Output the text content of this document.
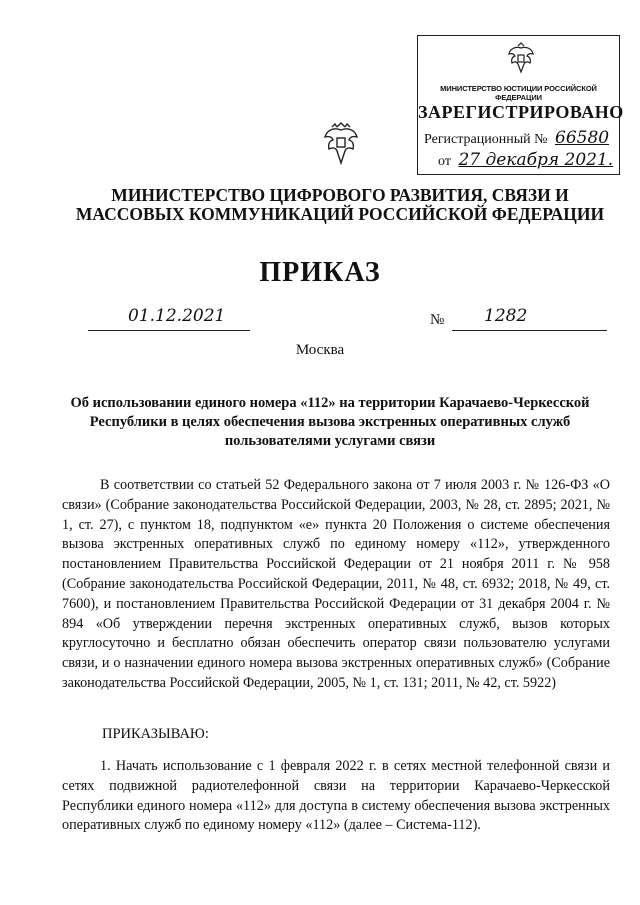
МИНИСТЕРСТВО ЮСТИЦИИ РОССИЙСКОЙ ФЕДЕРАЦИИ
ЗАРЕГИСТРИРОВАНО
Регистрационный № 66580
от 27 декабря 2021.
МИНИСТЕРСТВО ЦИФРОВОГО РАЗВИТИЯ, СВЯЗИ И МАССОВЫХ КОММУНИКАЦИЙ РОССИЙСКОЙ ФЕДЕРАЦИИ
ПРИКАЗ
01.12.2021	№ 1282
Москва
Об использовании единого номера «112» на территории Карачаево-Черкесской Республики в целях обеспечения вызова экстренных оперативных служб пользователями услугами связи
В соответствии со статьей 52 Федерального закона от 7 июля 2003 г. № 126-ФЗ «О связи» (Собрание законодательства Российской Федерации, 2003, № 28, ст. 2895; 2021, № 1, ст. 27), с пунктом 18, подпунктом «е» пункта 20 Положения о системе обеспечения вызова экстренных оперативных служб по единому номеру «112», утвержденного постановлением Правительства Российской Федерации от 21 ноября 2011 г. № 958 (Собрание законодательства Российской Федерации, 2011, № 48, ст. 6932; 2018, № 49, ст. 7600), и постановлением Правительства Российской Федерации от 31 декабря 2004 г. № 894 «Об утверждении перечня экстренных оперативных служб, вызов которых круглосуточно и бесплатно обязан обеспечить оператор связи пользователю услугами связи, и о назначении единого номера вызова экстренных оперативных служб» (Собрание законодательства Российской Федерации, 2005, № 1, ст. 131; 2011, № 42, ст. 5922)
ПРИКАЗЫВАЮ:
1. Начать использование с 1 февраля 2022 г. в сетях местной телефонной связи и сетях подвижной радиотелефонной связи на территории Карачаево-Черкесской Республики единого номера «112» для доступа в систему обеспечения вызова экстренных оперативных служб по единому номеру «112» (далее – Система-112).
